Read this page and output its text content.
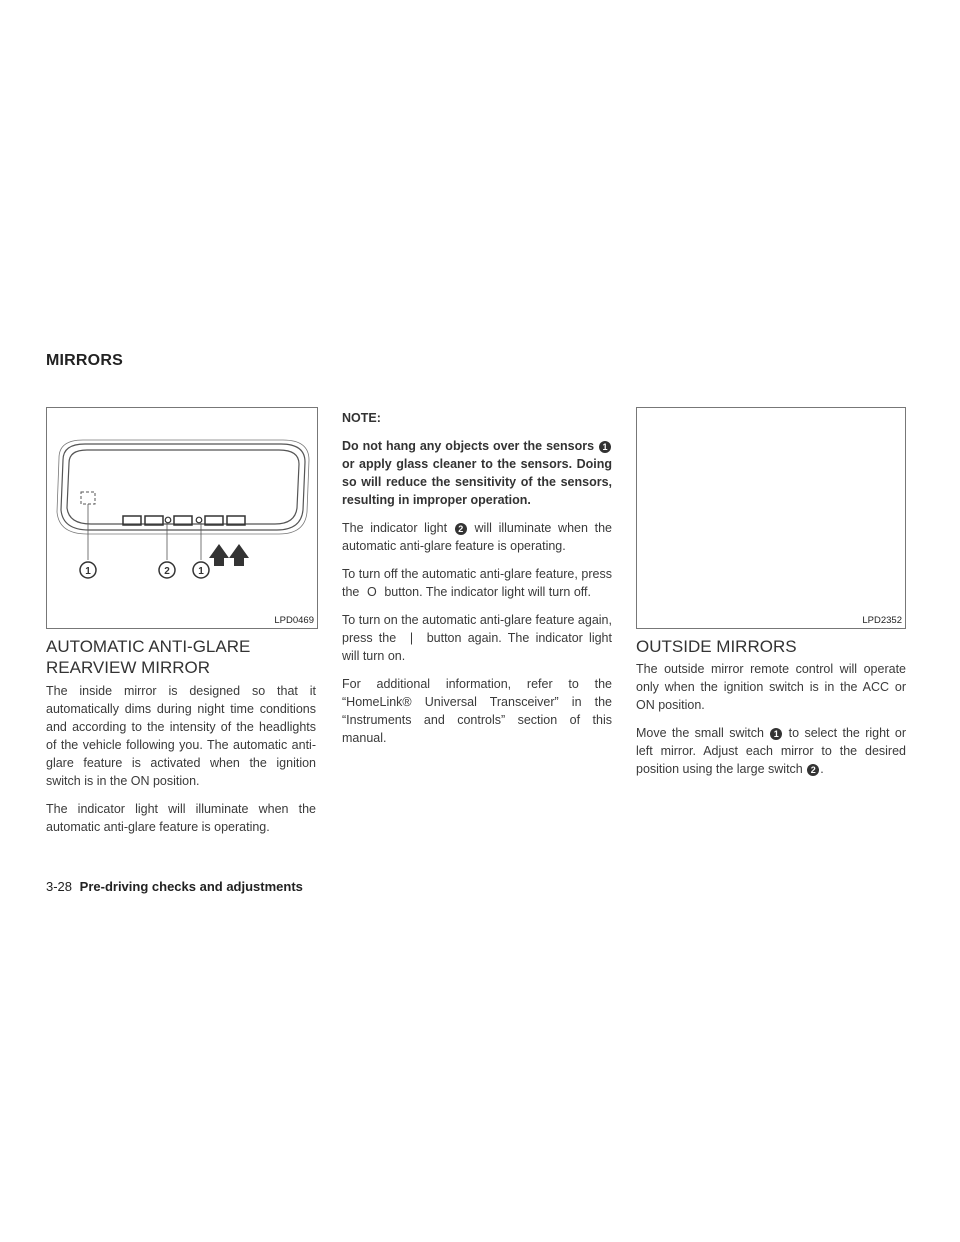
MIRRORS
1	2	1
LPD0469	LPD2352
AUTOMATIC ANTI-GLARE REARVIEW MIRROR

The inside mirror is designed so that it automatically dims during night time conditions and according to the intensity of the headlights of the vehicle following you. The automatic anti-glare feature is activated when the ignition switch is in the ON position.

The indicator light will illuminate when the automatic anti-glare feature is operating.

NOTE:

Do not hang any objects over the sensors 1 or apply glass cleaner to the sensors. Doing so will reduce the sensitivity of the sensors, resulting in improper operation.

The indicator light 2 will illuminate when the automatic anti-glare feature is operating.

To turn off the automatic anti-glare feature, press the O button. The indicator light will turn off.

To turn on the automatic anti-glare feature again, press the | button again. The indicator light will turn on.

For additional information, refer to the “HomeLink® Universal Transceiver” in the “Instruments and controls” section of this manual.

OUTSIDE MIRRORS

The outside mirror remote control will operate only when the ignition switch is in the ACC or ON position.

Move the small switch 1 to select the right or left mirror. Adjust each mirror to the desired position using the large switch 2 .

3-28 Pre-driving checks and adjustments
